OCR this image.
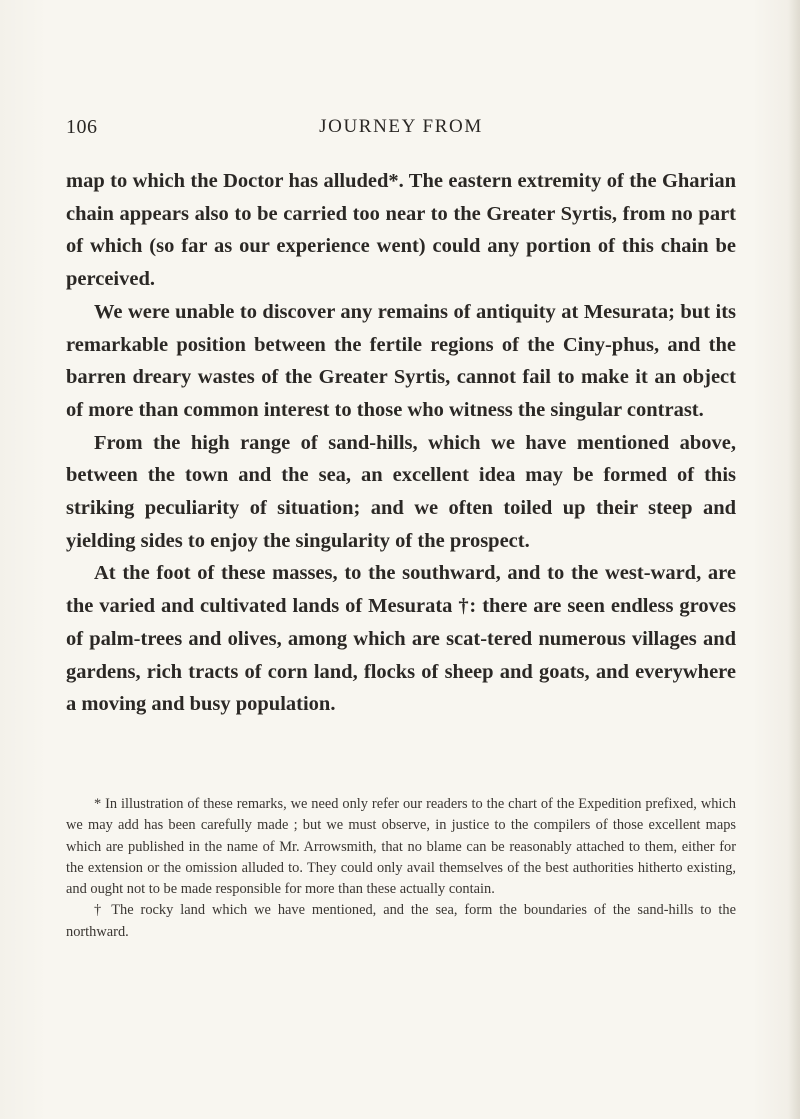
106	JOURNEY FROM

map to which the Doctor has alluded*. The eastern extremity of the Gharian chain appears also to be carried too near to the Greater Syrtis, from no part of which (so far as our experience went) could any portion of this chain be perceived.

We were unable to discover any remains of antiquity at Mesurata; but its remarkable position between the fertile regions of the Ciny-phus, and the barren dreary wastes of the Greater Syrtis, cannot fail to make it an object of more than common interest to those who witness the singular contrast.

From the high range of sand-hills, which we have mentioned above, between the town and the sea, an excellent idea may be formed of this striking peculiarity of situation; and we often toiled up their steep and yielding sides to enjoy the singularity of the prospect.

At the foot of these masses, to the southward, and to the west-ward, are the varied and cultivated lands of Mesurata †: there are seen endless groves of palm-trees and olives, among which are scat-tered numerous villages and gardens, rich tracts of corn land, flocks of sheep and goats, and everywhere a moving and busy population.

* In illustration of these remarks, we need only refer our readers to the chart of the Expedition prefixed, which we may add has been carefully made ; but we must observe, in justice to the compilers of those excellent maps which are published in the name of Mr. Arrowsmith, that no blame can be reasonably attached to them, either for the extension or the omission alluded to. They could only avail themselves of the best authorities hitherto existing, and ought not to be made responsible for more than these actually contain.

† The rocky land which we have mentioned, and the sea, form the boundaries of the sand-hills to the northward.
